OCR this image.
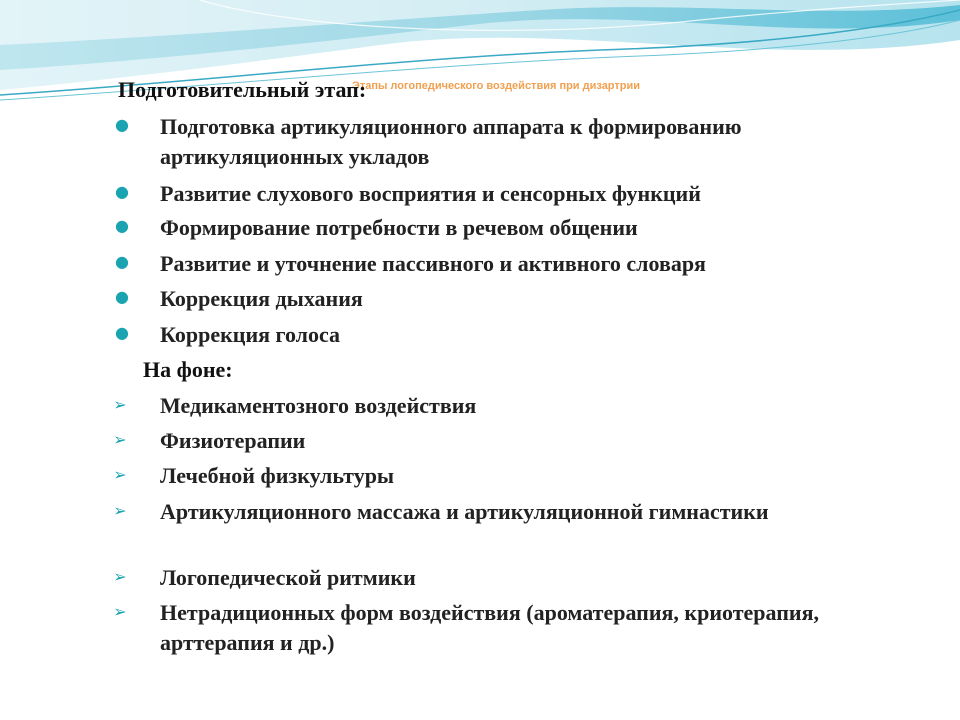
Этапы логопедического воздействия при дизартрии
Подготовительный этап:
● Подготовка артикуляционного аппарата к формированию артикуляционных укладов
● Развитие слухового восприятия и сенсорных функций
● Формирование потребности в речевом общении
● Развитие и уточнение пассивного и активного словаря
● Коррекция дыхания
● Коррекция голоса
На фоне:
➢ Медикаментозного воздействия
➢ Физиотерапии
➢ Лечебной физкультуры
➢ Артикуляционного массажа и артикуляционной гимнастики
➢ Логопедической ритмики
➢ Нетрадиционных форм воздействия (ароматерапия, криотерапия, арттерапия и др.)
